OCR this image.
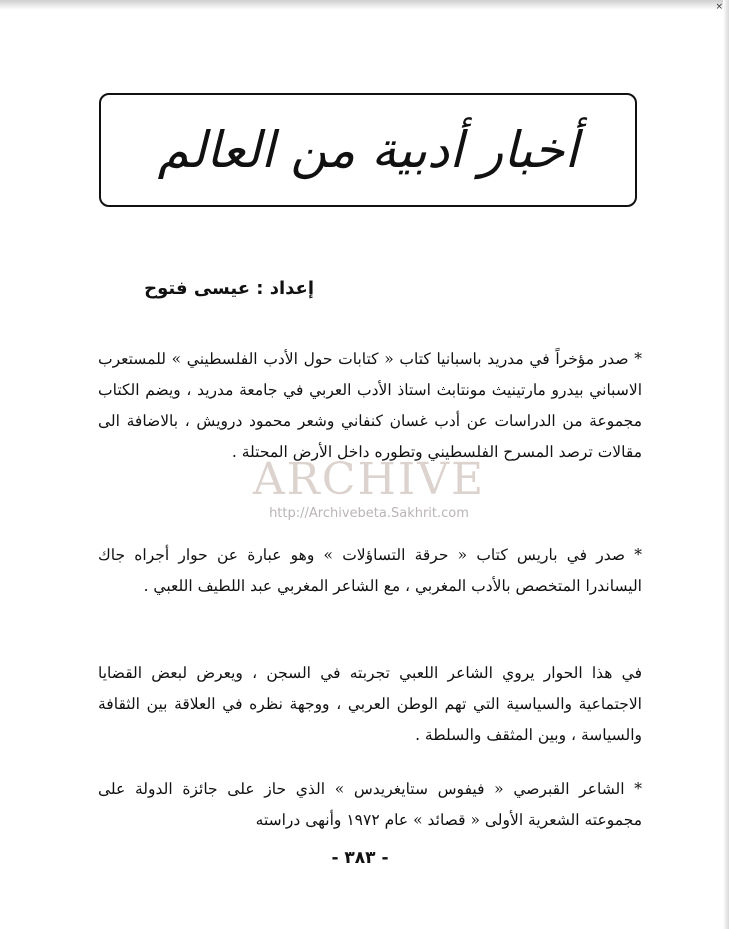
×
أخبار أدبية من العالم
إعداد : عيسى فتوح
* صدر مؤخراً في مدريد باسبانيا كتاب « كتابات حول الأدب الفلسطيني » للمستعرب الاسباني بيدرو مارتينيث مونتابث استاذ الأدب العربي في جامعة مدريد ، ويضم الكتاب مجموعة من الدراسات عن أدب غسان كنفاني وشعر محمود درويش ، بالاضافة الى مقالات ترصد المسرح الفلسطيني وتطوره داخل الأرض المحتلة .
* صدر في باريس كتاب « حرقة التساؤلات » وهو عبارة عن حوار أجراه جاك اليساندرا المتخصص بالأدب المغربي ، مع الشاعر المغربي عبد اللطيف اللعبي .
في هذا الحوار يروي الشاعر اللعبي تجربته في السجن ، ويعرض لبعض القضايا الاجتماعية والسياسية التي تهم الوطن العربي ، ووجهة نظره في العلاقة بين الثقافة والسياسة ، وبين المثقف والسلطة .
* الشاعر القبرصي « فيفوس ستايغريدس » الذي حاز على جائزة الدولة على مجموعته الشعرية الأولى « قصائد » عام ١٩٧٢ وأنهى دراسته
ARCHIVE
http://Archivebeta.Sakhrit.com
- ٣٨٣ -
